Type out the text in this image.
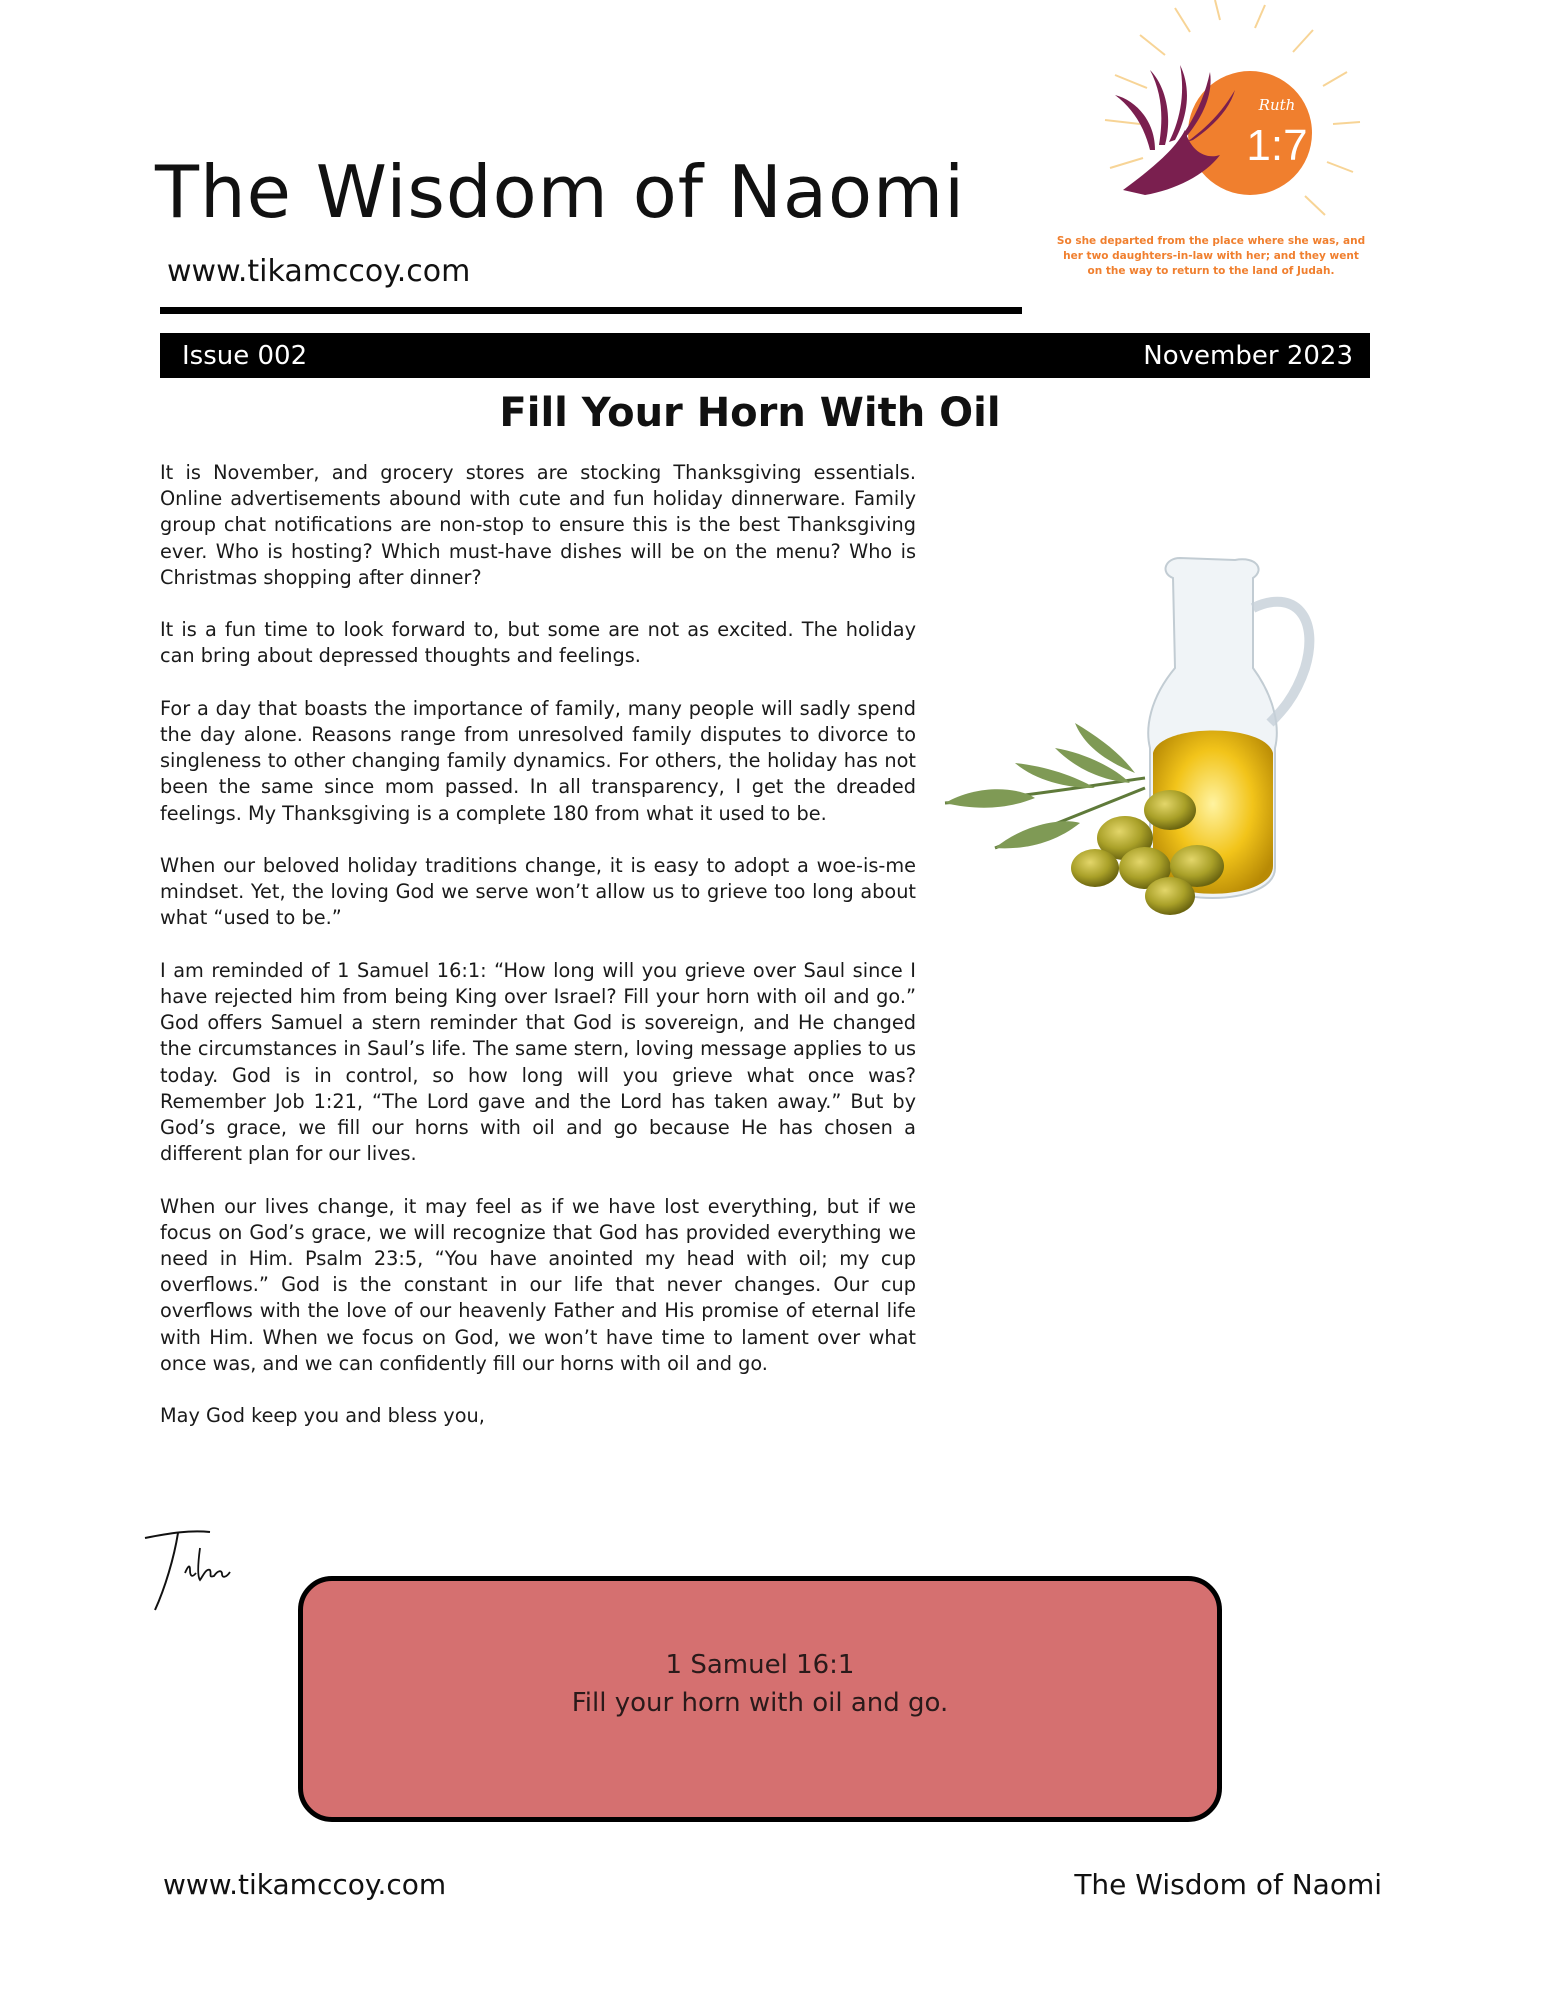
The Wisdom of Naomi
www.tikamccoy.com
Ruth
1:7
So she departed from the place where she was, and her two daughters-in-law with her; and they went on the way to return to the land of Judah.
Issue 002	November 2023
Fill Your Horn With Oil

It is November, and grocery stores are stocking Thanksgiving essentials. Online advertisements abound with cute and fun holiday dinnerware. Family group chat notifications are non-stop to ensure this is the best Thanksgiving ever. Who is hosting? Which must-have dishes will be on the menu? Who is Christmas shopping after dinner?

It is a fun time to look forward to, but some are not as excited. The holiday can bring about depressed thoughts and feelings.

For a day that boasts the importance of family, many people will sadly spend the day alone. Reasons range from unresolved family disputes to divorce to singleness to other changing family dynamics. For others, the holiday has not been the same since mom passed. In all transparency, I get the dreaded feelings. My Thanksgiving is a complete 180 from what it used to be.

When our beloved holiday traditions change, it is easy to adopt a woe-is-me mindset. Yet, the loving God we serve won’t allow us to grieve too long about what “used to be.”

I am reminded of 1 Samuel 16:1: “How long will you grieve over Saul since I have rejected him from being King over Israel? Fill your horn with oil and go.” God offers Samuel a stern reminder that God is sovereign, and He changed the circumstances in Saul’s life. The same stern, loving message applies to us today. God is in control, so how long will you grieve what once was? Remember Job 1:21, “The Lord gave and the Lord has taken away.” But by God’s grace, we fill our horns with oil and go because He has chosen a different plan for our lives.

When our lives change, it may feel as if we have lost everything, but if we focus on God’s grace, we will recognize that God has provided everything we need in Him. Psalm 23:5, “You have anointed my head with oil; my cup overflows.” God is the constant in our life that never changes. Our cup overflows with the love of our heavenly Father and His promise of eternal life with Him. When we focus on God, we won’t have time to lament over what once was, and we can confidently fill our horns with oil and go.

May God keep you and bless you,

1 Samuel 16:1
Fill your horn with oil and go.
www.tikamccoy.com	The Wisdom of Naomi
